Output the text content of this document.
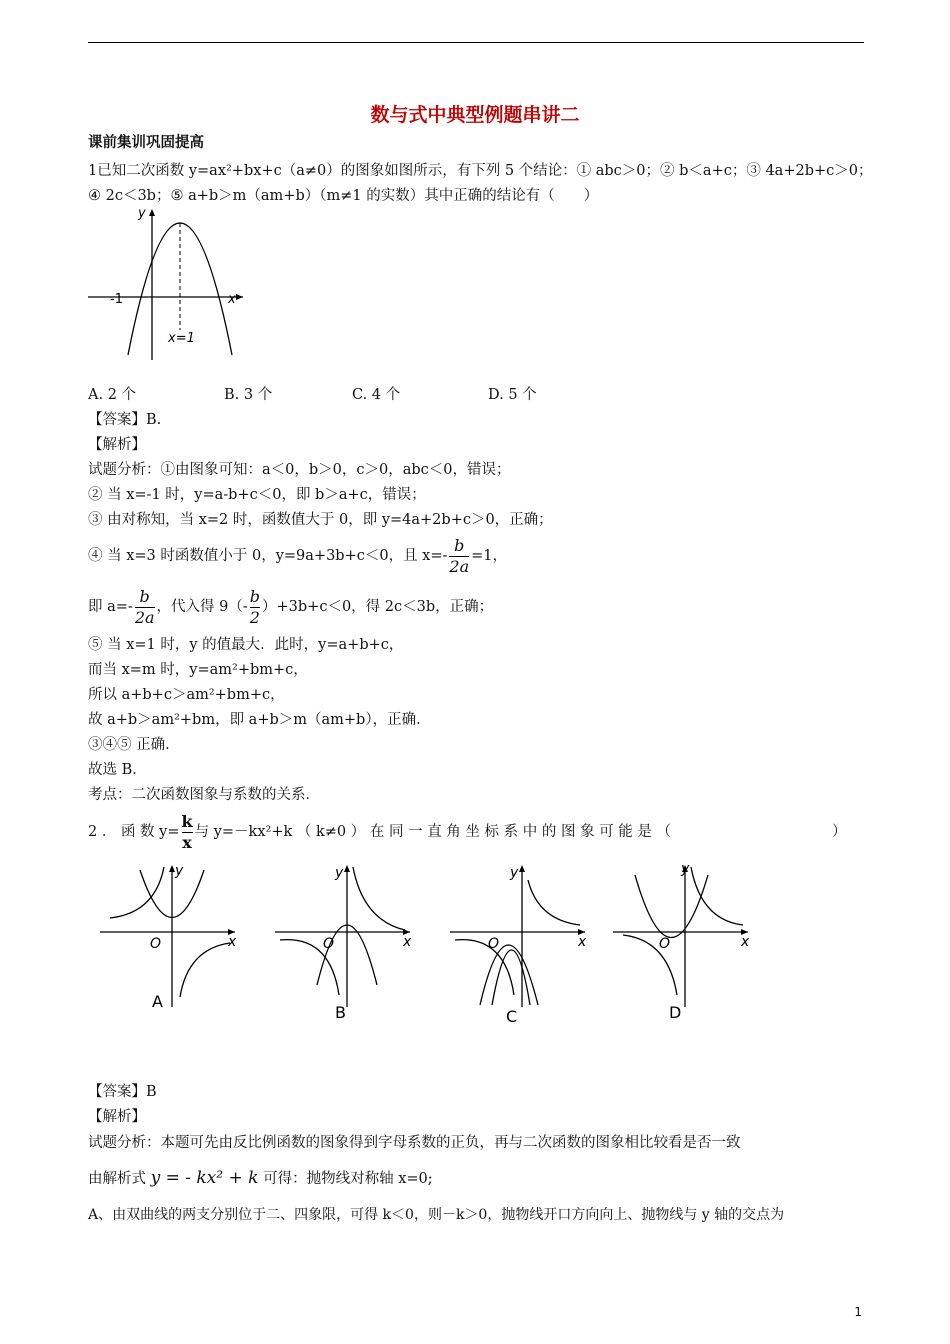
数与式中典型例题串讲二
课前集训巩固提高
1已知二次函数 y=ax²+bx+c（a≠0）的图象如图所示，有下列 5 个结论：① abc＞0；② b＜a+c；③ 4a+2b+c＞0；
④ 2c＜3b；⑤ a+b＞m（am+b）（m≠1 的实数）其中正确的结论有（　　）
y
x
-1
x=1
A. 2 个	B. 3 个	C. 4 个	D. 5 个
【答案】B.
【解析】
试题分析：①由图象可知：a＜0，b＞0，c＞0，abc＜0，错误；
② 当 x=-1 时，y=a-b+c＜0，即 b＞a+c，错误；
③ 由对称知，当 x=2 时，函数值大于 0，即 y=4a+2b+c＞0，正确；
④ 当 x=3 时函数值小于 0，y=9a+3b+c＜0，且 $x=- \frac{b}{2a} =1$，
即 $a=- \frac{b}{2a}$ ，代入得 $9(- \frac{b}{2} )+3b+c<0$，得 2c＜3b，正确；
⑤ 当 x=1 时，y 的值最大．此时，y=a+b+c，
而当 x=m 时，y=am²+bm+c，
所以 a+b+c＞am²+bm+c，
故 a+b＞am²+bm，即 a+b＞m（am+b），正确．
③④⑤ 正确．
故选 B．
考点：二次函数图象与系数的关系．
2 ． 函 数 $y= \frac{k}{x}$ 与 y=－kx²+k （ k≠0 ） 在 同 一 直 角 坐 标 系 中 的 图 象 可 能 是 （	）
y
x
O
A
y
x
O
B
y
x
O
C
y
x
O
D
【答案】B
【解析】
试题分析：本题可先由反比例函数的图象得到字母系数的正负，再与二次函数的图象相比较看是否一致
由解析式 y = - kx² + k 可得：抛物线对称轴 x=0;
A、由双曲线的两支分别位于二、四象限，可得 k＜0，则－k＞0，抛物线开口方向向上、抛物线与 y 轴的交点为
1
